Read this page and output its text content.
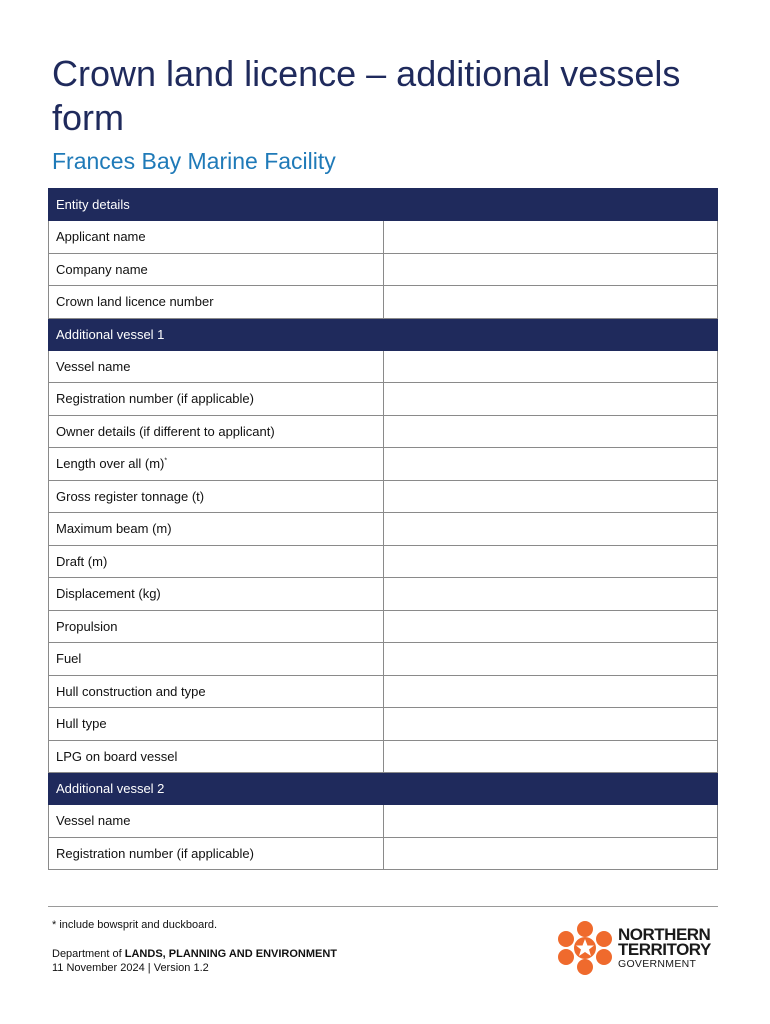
Crown land licence – additional vessels form
Frances Bay Marine Facility
Entity details	
Applicant name	
Company name	
Crown land licence number	
Additional vessel 1	
Vessel name	
Registration number (if applicable)	
Owner details (if different to applicant)	
Length over all (m)*	
Gross register tonnage (t)	
Maximum beam (m)	
Draft (m)	
Displacement (kg)	
Propulsion	
Fuel	
Hull construction and type	
Hull type	
LPG on board vessel	
Additional vessel 2	
Vessel name	
Registration number (if applicable)	
* include bowsprit and duckboard.
Department of LANDS, PLANNING AND ENVIRONMENT
11 November 2024 | Version 1.2
NORTHERN
TERRITORY
GOVERNMENT
